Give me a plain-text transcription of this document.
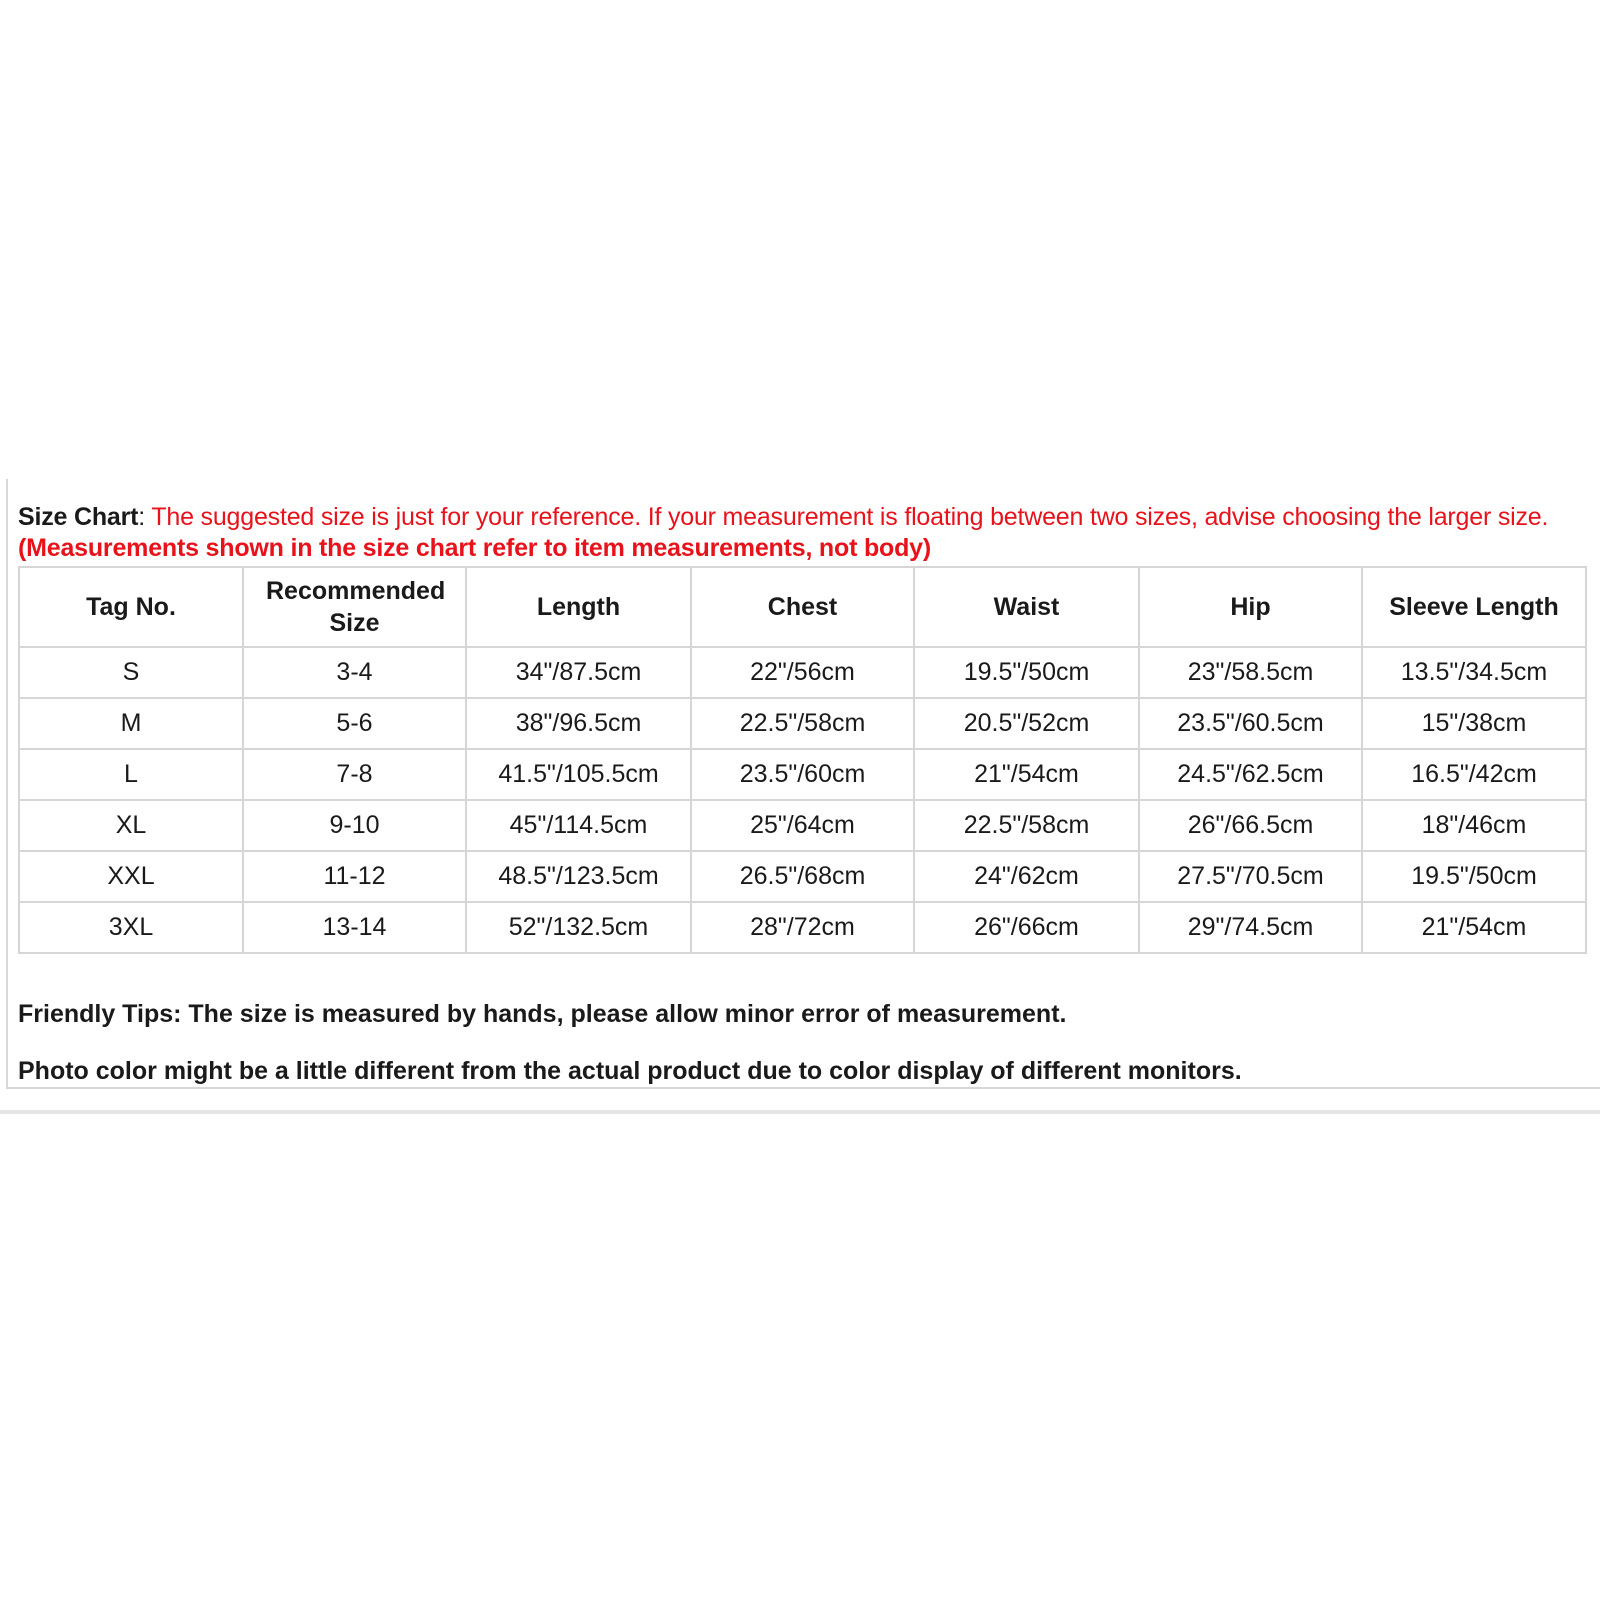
Size Chart: The suggested size is just for your reference. If your measurement is floating between two sizes, advise choosing the larger size. (Measurements shown in the size chart refer to item measurements, not body)
Tag No.	Recommended Size	Length	Chest	Waist	Hip	Sleeve Length
S	3-4	34"/87.5cm	22"/56cm	19.5"/50cm	23"/58.5cm	13.5"/34.5cm
M	5-6	38"/96.5cm	22.5"/58cm	20.5"/52cm	23.5"/60.5cm	15"/38cm
L	7-8	41.5"/105.5cm	23.5"/60cm	21"/54cm	24.5"/62.5cm	16.5"/42cm
XL	9-10	45"/114.5cm	25"/64cm	22.5"/58cm	26"/66.5cm	18"/46cm
XXL	11-12	48.5"/123.5cm	26.5"/68cm	24"/62cm	27.5"/70.5cm	19.5"/50cm
3XL	13-14	52"/132.5cm	28"/72cm	26"/66cm	29"/74.5cm	21"/54cm
Friendly Tips: The size is measured by hands, please allow minor error of measurement.
Photo color might be a little different from the actual product due to color display of different monitors.
